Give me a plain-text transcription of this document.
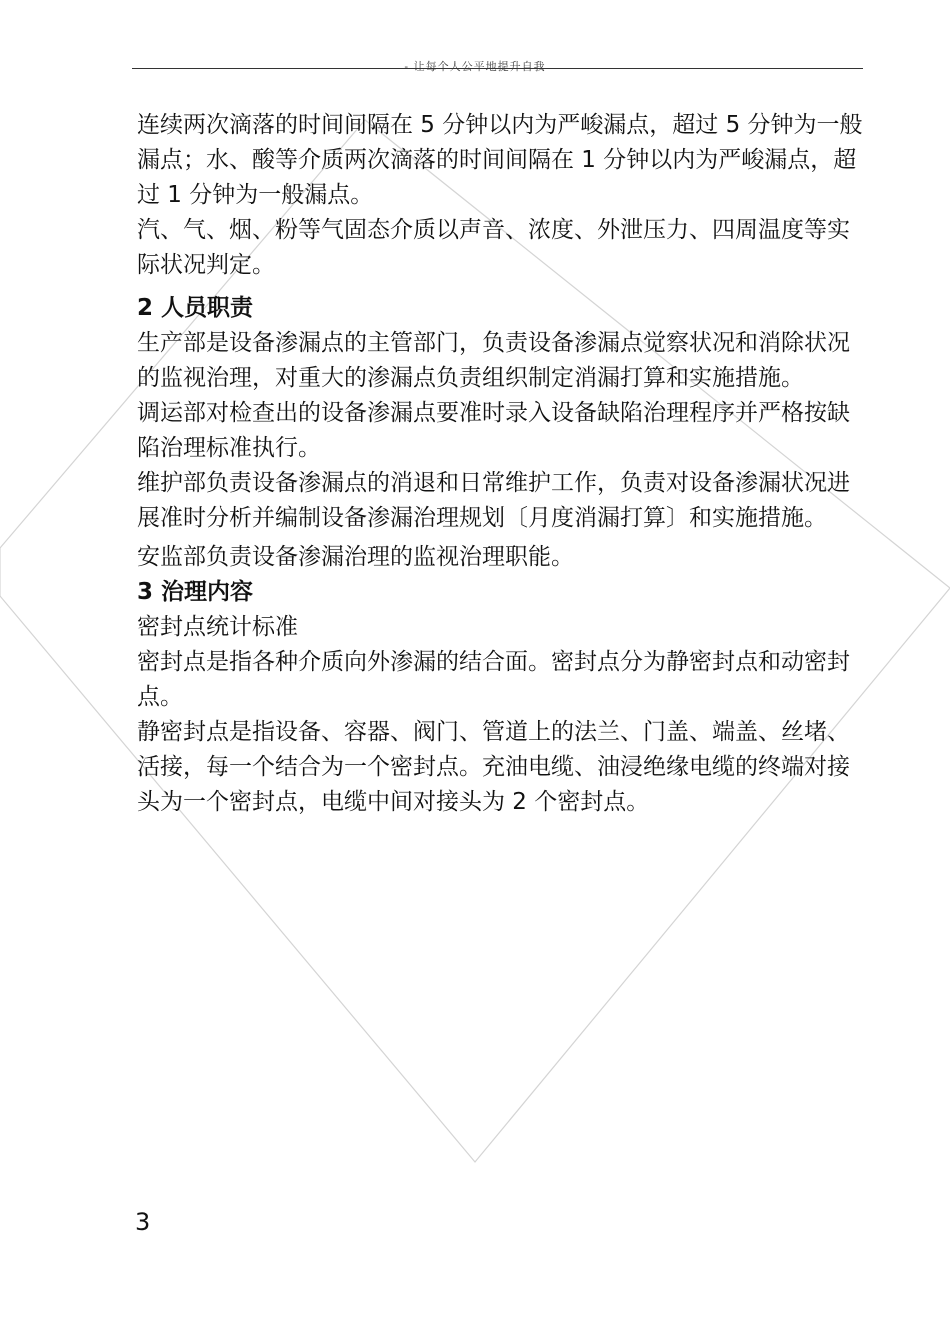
- 让每个人公平地提升自我

连续两次滴落的时间间隔在 5 分钟以内为严峻漏点，超过 5 分钟为一般漏点；水、酸等介质两次滴落的时间间隔在 1 分钟以内为严峻漏点，超过 1 分钟为一般漏点。

汽、气、烟、粉等气固态介质以声音、浓度、外泄压力、四周温度等实际状况判定。

2 人员职责

生产部是设备渗漏点的主管部门，负责设备渗漏点觉察状况和消除状况的监视治理，对重大的渗漏点负责组织制定消漏打算和实施措施。

调运部对检查出的设备渗漏点要准时录入设备缺陷治理程序并严格按缺陷治理标准执行。

维护部负责设备渗漏点的消退和日常维护工作，负责对设备渗漏状况进展准时分析并编制设备渗漏治理规划〔月度消漏打算〕和实施措施。

安监部负责设备渗漏治理的监视治理职能。

3 治理内容

密封点统计标准

密封点是指各种介质向外渗漏的结合面。密封点分为静密封点和动密封点。

静密封点是指设备、容器、阀门、管道上的法兰、门盖、端盖、丝堵、活接，每一个结合为一个密封点。充油电缆、油浸绝缘电缆的终端对接头为一个密封点，电缆中间对接头为 2 个密封点。

3
